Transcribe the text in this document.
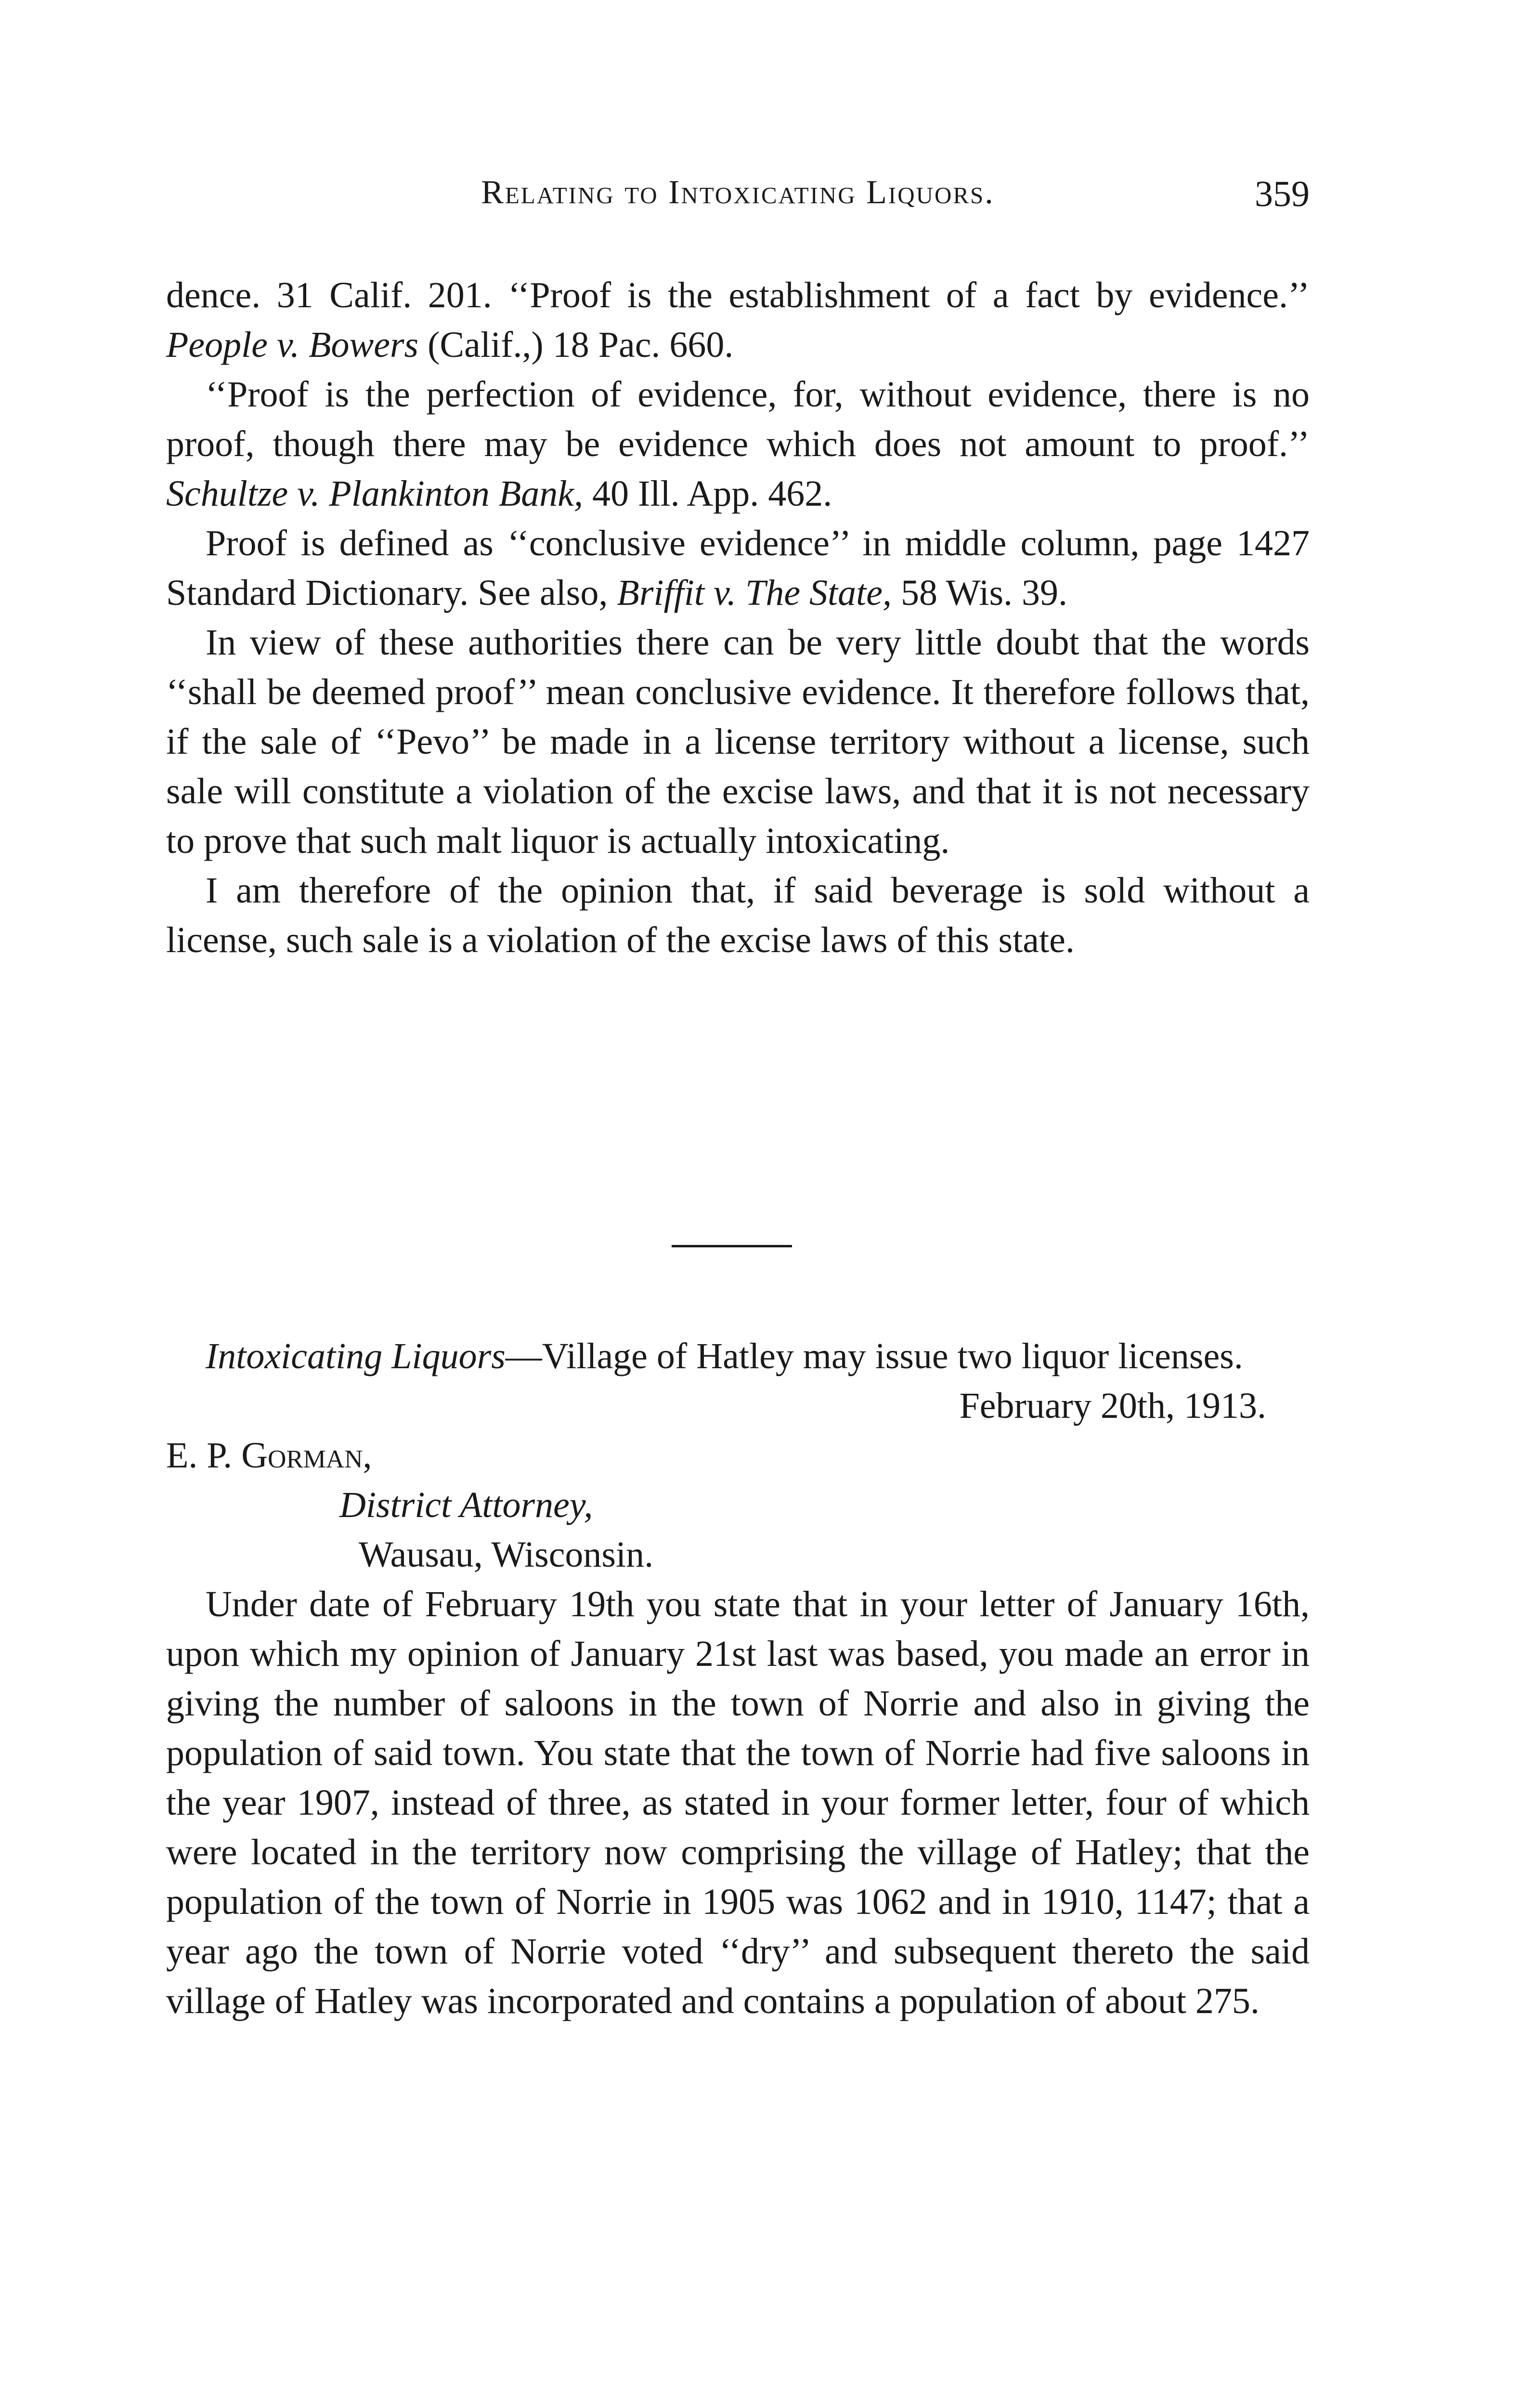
Relating to Intoxicating Liquors.	359

dence. 31 Calif. 201. ‘‘Proof is the establishment of a fact by evidence.’’ People v. Bowers (Calif.,) 18 Pac. 660.

‘‘Proof is the perfection of evidence, for, without evidence, there is no proof, though there may be evidence which does not amount to proof.’’ Schultze v. Plankinton Bank, 40 Ill. App. 462.

Proof is defined as ‘‘conclusive evidence’’ in middle column, page 1427 Standard Dictionary. See also, Briffit v. The State, 58 Wis. 39.

In view of these authorities there can be very little doubt that the words ‘‘shall be deemed proof’’ mean conclusive evidence. It therefore follows that, if the sale of ‘‘Pevo’’ be made in a license territory without a license, such sale will constitute a violation of the excise laws, and that it is not necessary to prove that such malt liquor is actually intoxicating.

I am therefore of the opinion that, if said beverage is sold without a license, such sale is a violation of the excise laws of this state.

Intoxicating Liquors—Village of Hatley may issue two liquor licenses.

February 20th, 1913.

E. P. Gorman,

District Attorney,

Wausau, Wisconsin.

Under date of February 19th you state that in your letter of January 16th, upon which my opinion of January 21st last was based, you made an error in giving the number of saloons in the town of Norrie and also in giving the population of said town. You state that the town of Norrie had five saloons in the year 1907, instead of three, as stated in your former letter, four of which were located in the territory now comprising the village of Hatley; that the population of the town of Norrie in 1905 was 1062 and in 1910, 1147; that a year ago the town of Norrie voted ‘‘dry’’ and subsequent thereto the said village of Hatley was incorporated and contains a population of about 275.
